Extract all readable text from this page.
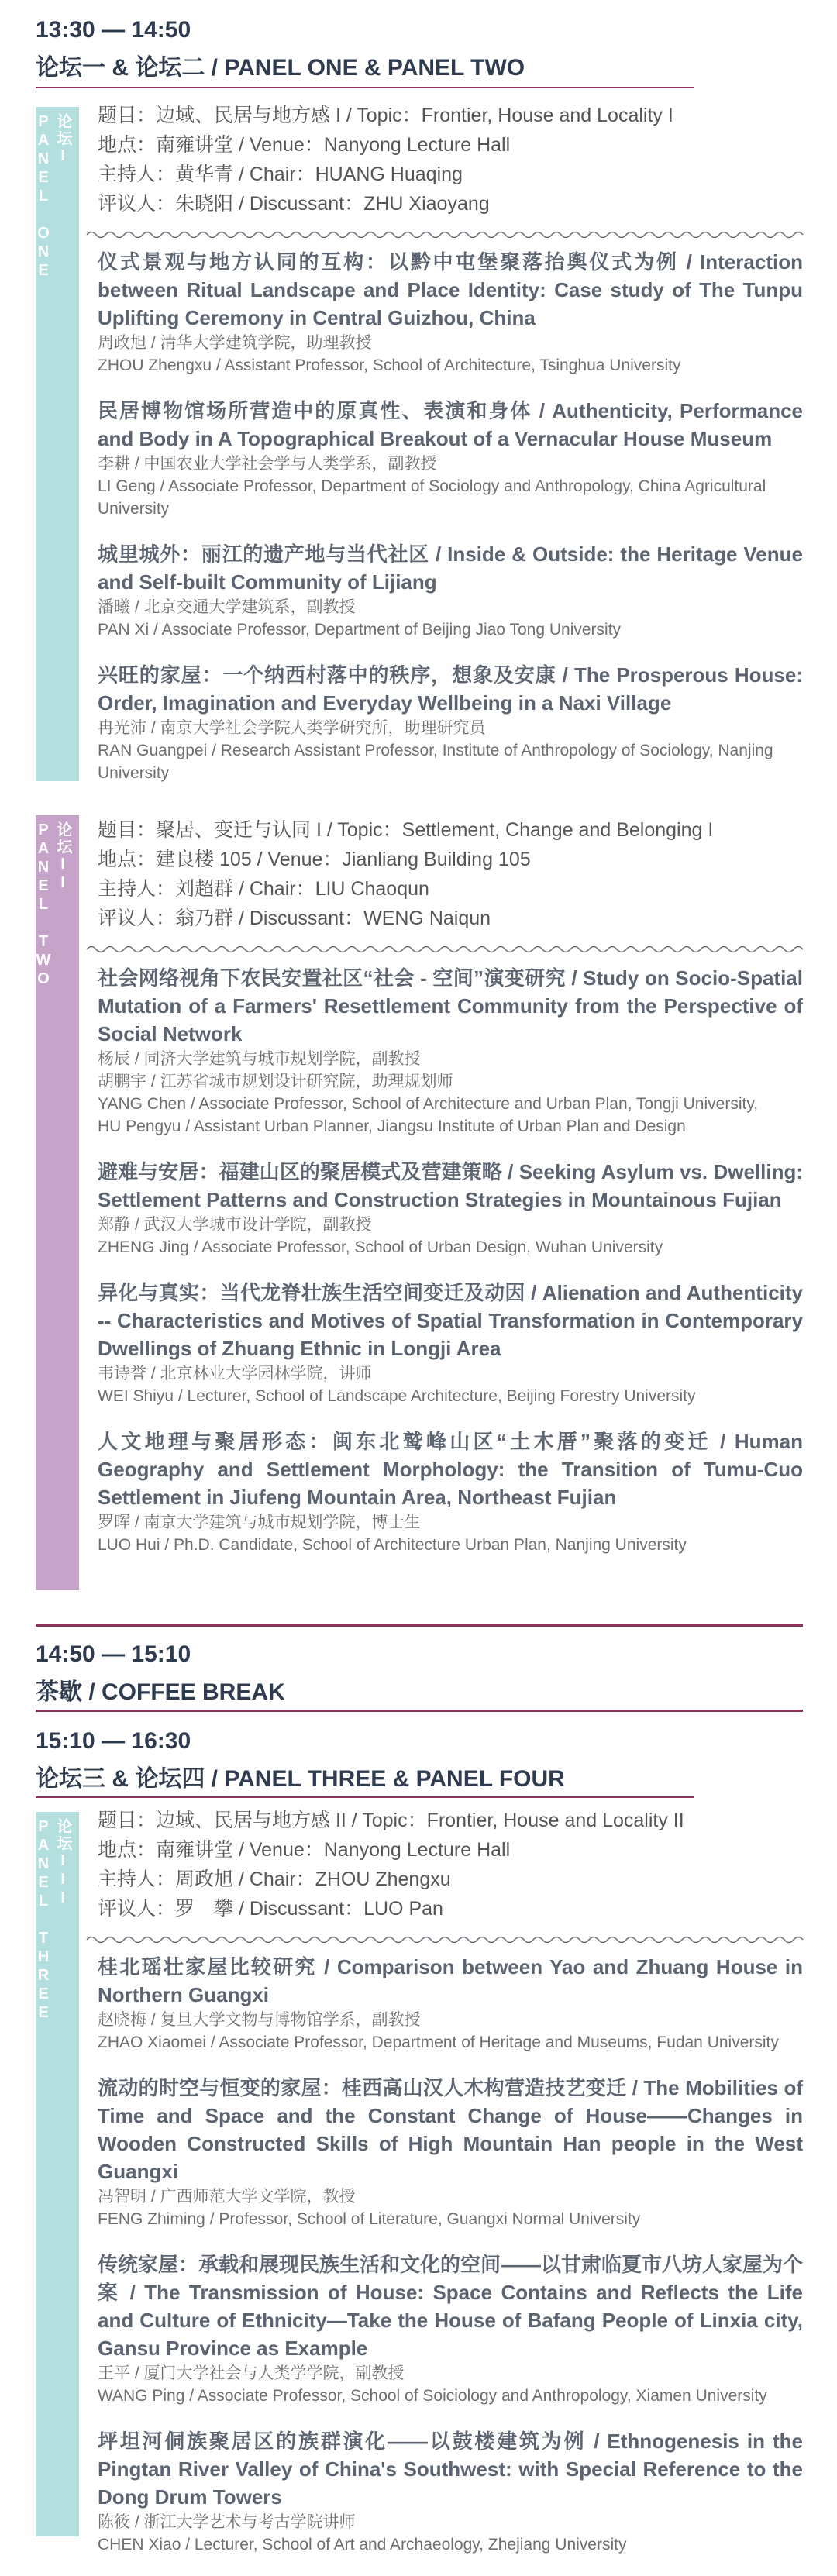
13:30 — 14:50
论坛一 & 论坛二 / PANEL ONE & PANEL TWO
论坛I
PANEL ONE 题目：边域、民居与地方感 I / Topic：Frontier, House and Locality I
地点：南雍讲堂 / Venue：Nanyong Lecture Hall
主持人：黄华青 / Chair：HUANG Huaqing
评议人：朱晓阳 / Discussant：ZHU Xiaoyang
仪式景观与地方认同的互构：以黔中屯堡聚落抬舆仪式为例 / Interaction between Ritual Landscape and Place Identity: Case study of The Tunpu Uplifting Ceremony in Central Guizhou, China
周政旭 / 清华大学建筑学院，助理教授
ZHOU Zhengxu / Assistant Professor, School of Architecture, Tsinghua University
民居博物馆场所营造中的原真性、表演和身体 / Authenticity, Performance and Body in A Topographical Breakout of a Vernacular House Museum
李耕 / 中国农业大学社会学与人类学系，副教授
LI Geng / Associate Professor, Department of Sociology and Anthropology, China Agricultural University
城里城外：丽江的遗产地与当代社区 / Inside & Outside: the Heritage Venue and Self-built Community of Lijiang
潘曦 / 北京交通大学建筑系，副教授
PAN Xi / Associate Professor, Department of Beijing Jiao Tong University
兴旺的家屋：一个纳西村落中的秩序，想象及安康 / The Prosperous House: Order, Imagination and Everyday Wellbeing in a Naxi Village
冉光沛 / 南京大学社会学院人类学研究所，助理研究员
RAN Guangpei / Research Assistant Professor, Institute of Anthropology of Sociology, Nanjing University
论坛II
PANEL TWO 题目：聚居、变迁与认同 I / Topic：Settlement, Change and Belonging I
地点：建良楼 105 / Venue：Jianliang Building 105
主持人：刘超群 / Chair：LIU Chaoqun
评议人：翁乃群 / Discussant：WENG Naiqun
社会网络视角下农民安置社区“社会 - 空间”演变研究 / Study on Socio-Spatial Mutation of a Farmers' Resettlement Community from the Perspective of Social Network
杨辰 / 同济大学建筑与城市规划学院，副教授
胡鹏宇 / 江苏省城市规划设计研究院，助理规划师
YANG Chen / Associate Professor, School of Architecture and Urban Plan, Tongji University,
HU Pengyu / Assistant Urban Planner, Jiangsu Institute of Urban Plan and Design
避难与安居：福建山区的聚居模式及营建策略 / Seeking Asylum vs. Dwelling: Settlement Patterns and Construction Strategies in Mountainous Fujian
郑静 / 武汉大学城市设计学院，副教授
ZHENG Jing / Associate Professor, School of Urban Design, Wuhan University
异化与真实：当代龙脊壮族生活空间变迁及动因 / Alienation and Authenticity -- Characteristics and Motives of Spatial Transformation in Contemporary Dwellings of Zhuang Ethnic in Longji Area
韦诗誉 / 北京林业大学园林学院，讲师
WEI Shiyu / Lecturer, School of Landscape Architecture, Beijing Forestry University
人文地理与聚居形态：闽东北鹫峰山区“土木厝”聚落的变迁 / Human Geography and Settlement Morphology: the Transition of Tumu-Cuo Settlement in Jiufeng Mountain Area, Northeast Fujian
罗晖 / 南京大学建筑与城市规划学院，博士生
LUO Hui / Ph.D. Candidate, School of Architecture Urban Plan, Nanjing University
14:50 — 15:10
茶歇 / COFFEE BREAK
15:10 — 16:30
论坛三 & 论坛四 / PANEL THREE & PANEL FOUR
论坛III
PANEL THREE 题目：边域、民居与地方感 II / Topic：Frontier, House and Locality II
地点：南雍讲堂 / Venue：Nanyong Lecture Hall
主持人：周政旭 / Chair：ZHOU Zhengxu
评议人：罗　攀 / Discussant：LUO Pan
桂北瑶壮家屋比较研究 / Comparison between Yao and Zhuang House in Northern Guangxi
赵晓梅 / 复旦大学文物与博物馆学系，副教授
ZHAO Xiaomei / Associate Professor, Department of Heritage and Museums, Fudan University
流动的时空与恒变的家屋：桂西高山汉人木构营造技艺变迁 / The Mobilities of Time and Space and the Constant Change of House——Changes in Wooden Constructed Skills of High Mountain Han people in the West Guangxi
冯智明 / 广西师范大学文学院，教授
FENG Zhiming / Professor, School of Literature, Guangxi Normal University
传统家屋：承载和展现民族生活和文化的空间——以甘肃临夏市八坊人家屋为个案 / The Transmission of House: Space Contains and Reflects the Life and Culture of Ethnicity—Take the House of Bafang People of Linxia city, Gansu Province as Example
王平 / 厦门大学社会与人类学学院，副教授
WANG Ping / Associate Professor, School of Soiciology and Anthropology, Xiamen University
坪坦河侗族聚居区的族群演化——以鼓楼建筑为例 / Ethnogenesis in the Pingtan River Valley of China's Southwest: with Special Reference to the Dong Drum Towers
陈筱 / 浙江大学艺术与考古学院讲师
CHEN Xiao / Lecturer, School of Art and Archaeology, Zhejiang University
